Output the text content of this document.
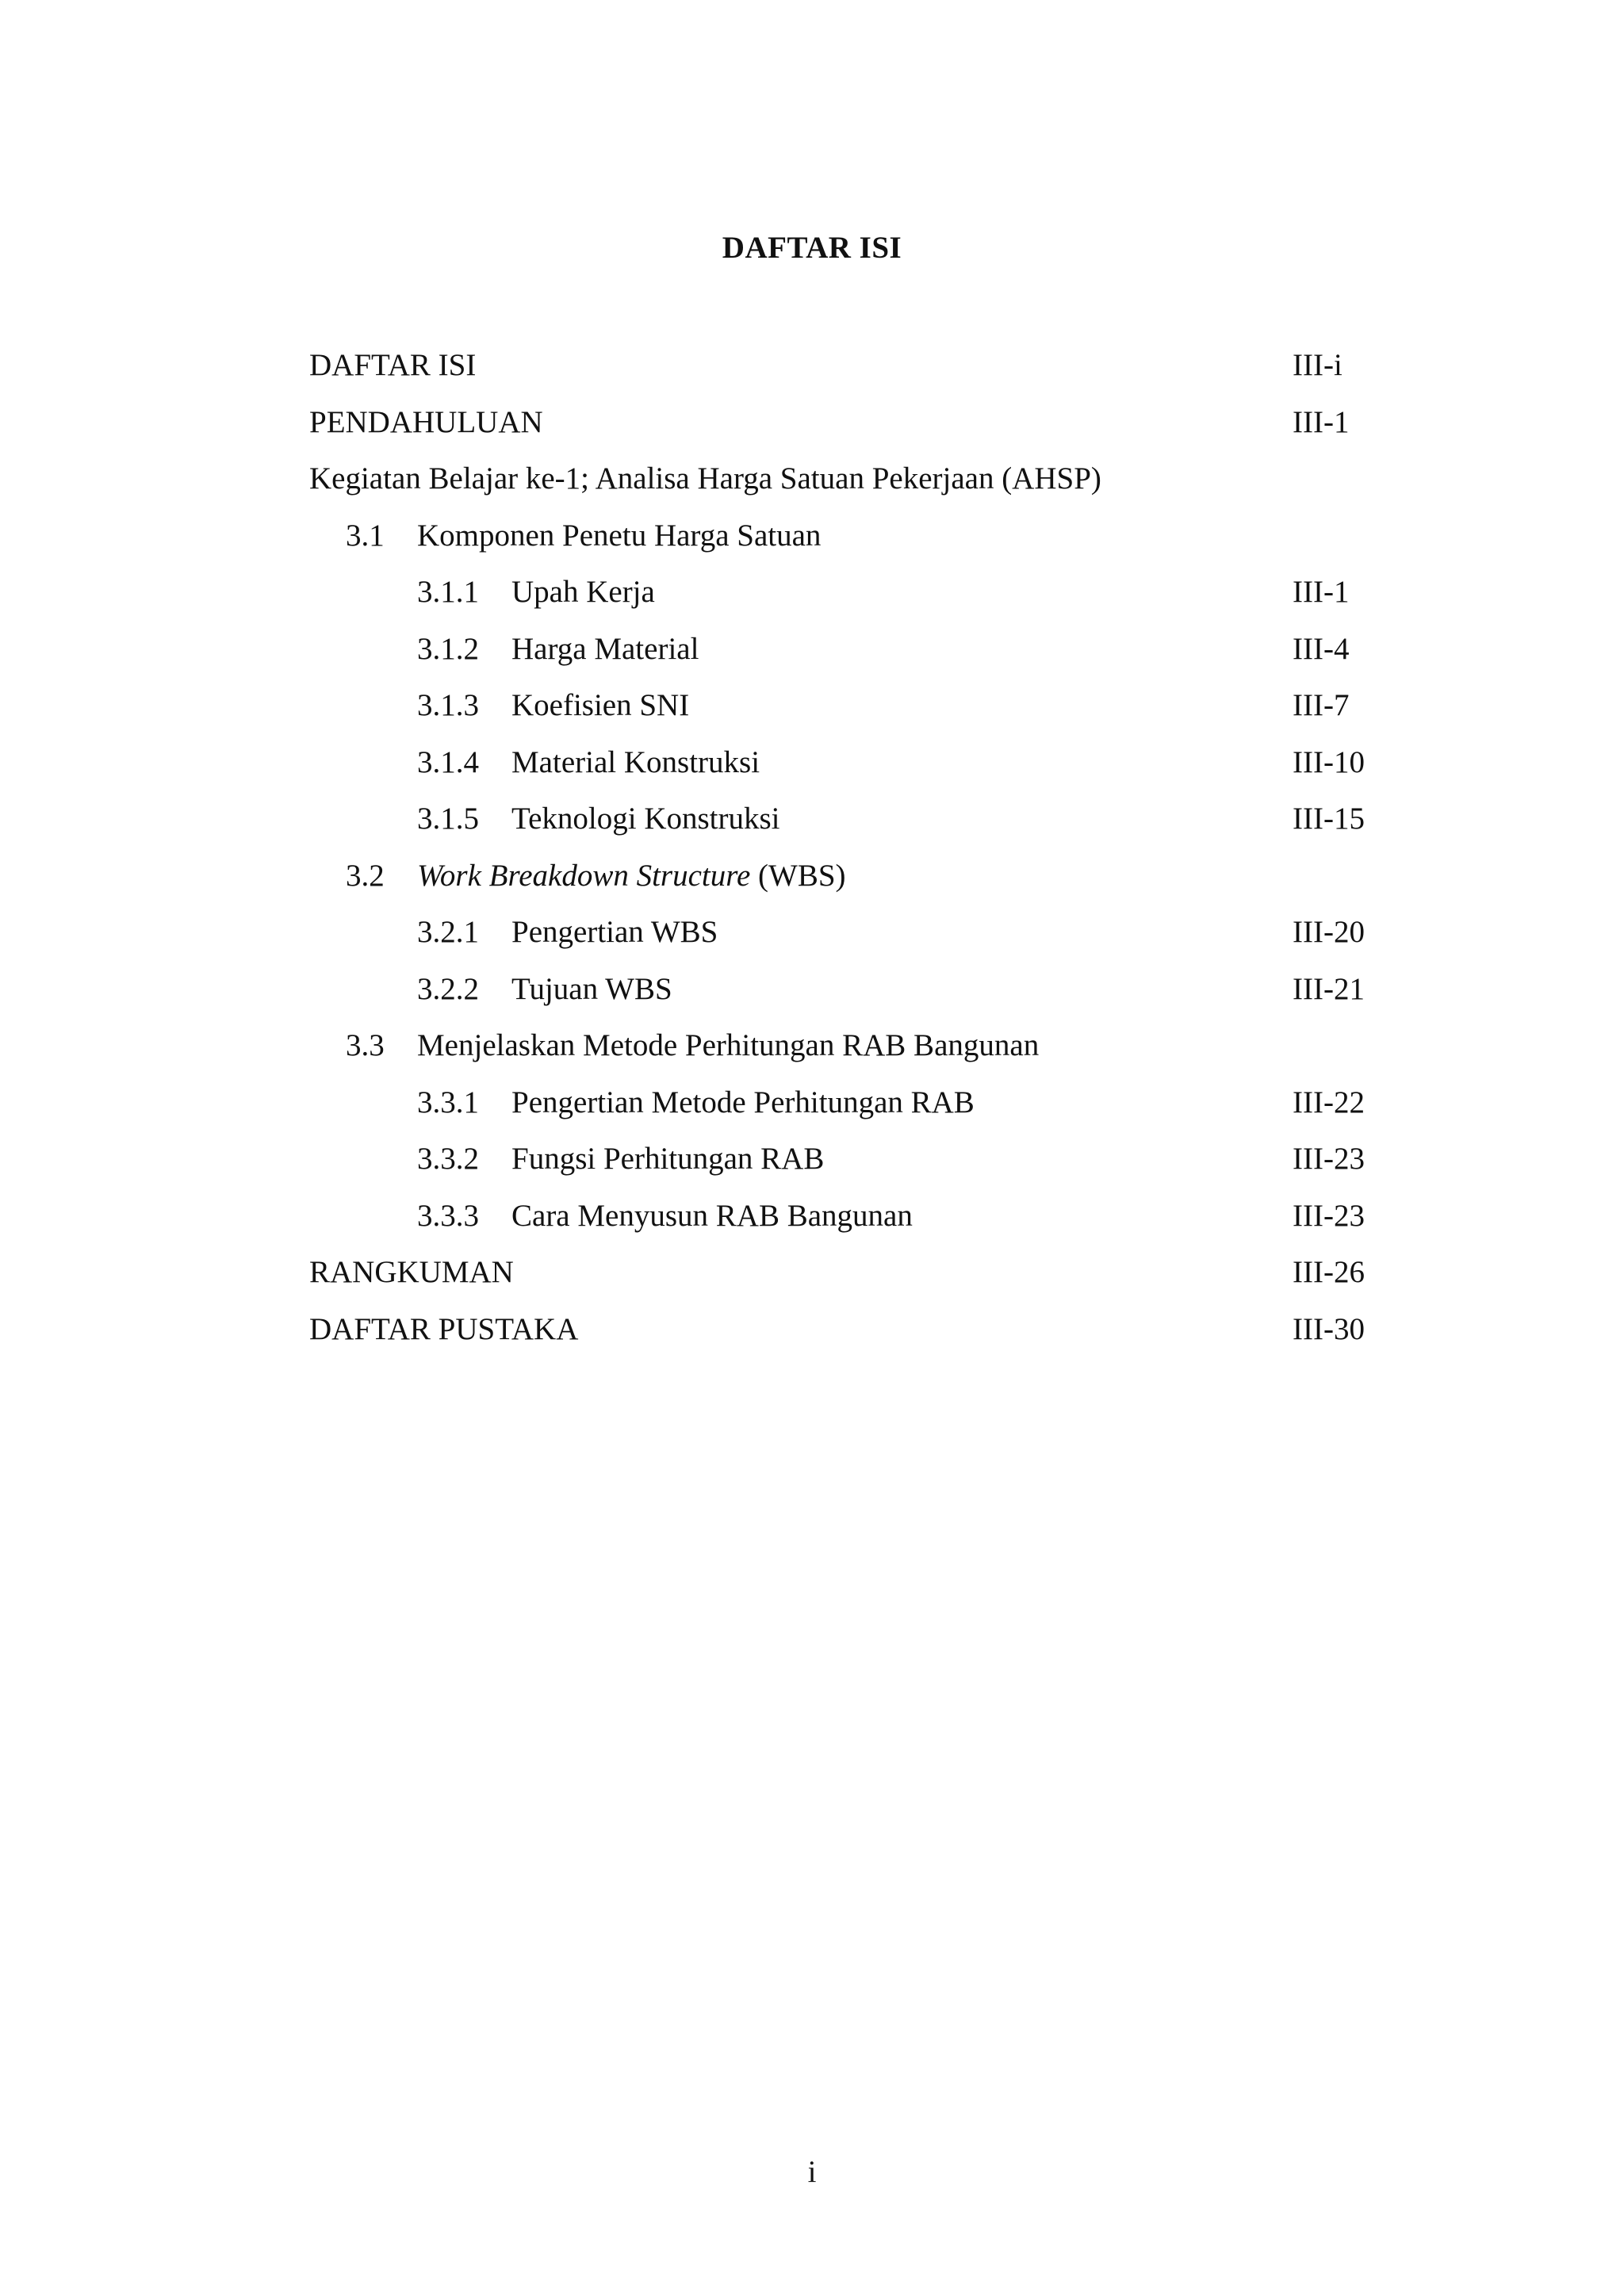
DAFTAR ISI
DAFTAR ISI	III-i
PENDAHULUAN	III-1
Kegiatan Belajar ke-1; Analisa Harga Satuan Pekerjaan (AHSP)
3.1 Komponen Penetu Harga Satuan
3.1.1 Upah Kerja	III-1
3.1.2 Harga Material	III-4
3.1.3 Koefisien SNI	III-7
3.1.4 Material Konstruksi	III-10
3.1.5 Teknologi Konstruksi	III-15
3.2 Work Breakdown Structure (WBS)
3.2.1 Pengertian WBS	III-20
3.2.2 Tujuan WBS	III-21
3.3 Menjelaskan Metode Perhitungan RAB Bangunan
3.3.1 Pengertian Metode Perhitungan RAB	III-22
3.3.2 Fungsi Perhitungan RAB	III-23
3.3.3 Cara Menyusun RAB Bangunan	III-23
RANGKUMAN	III-26
DAFTAR PUSTAKA	III-30
i
